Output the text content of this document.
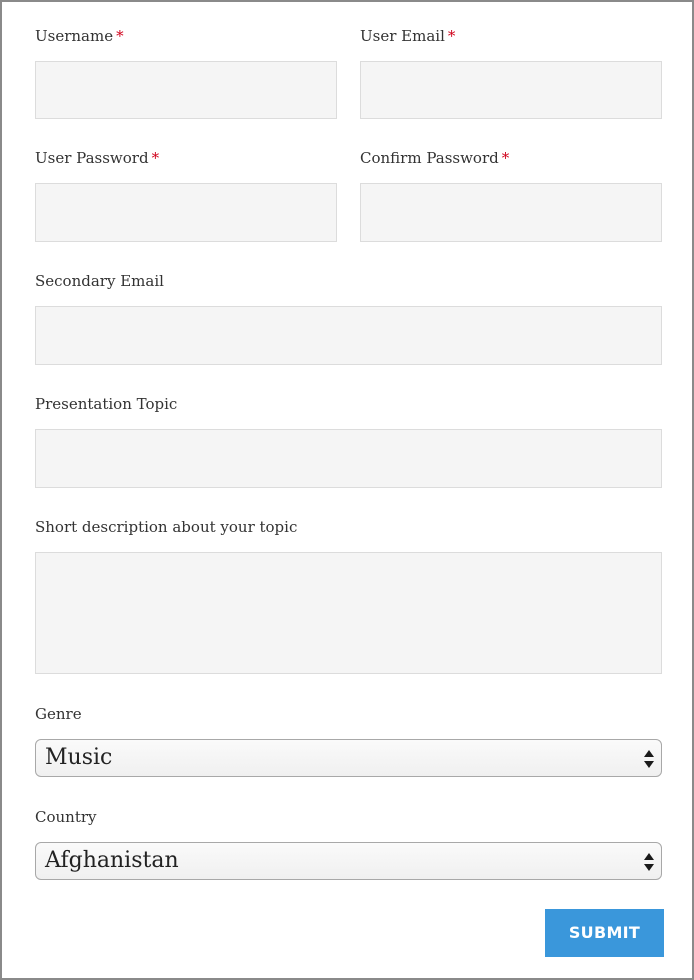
Username *	User Email *
User Password *	Confirm Password *
Secondary Email
Presentation Topic
Short description about your topic
Genre
Music
Country
Afghanistan
SUBMIT
